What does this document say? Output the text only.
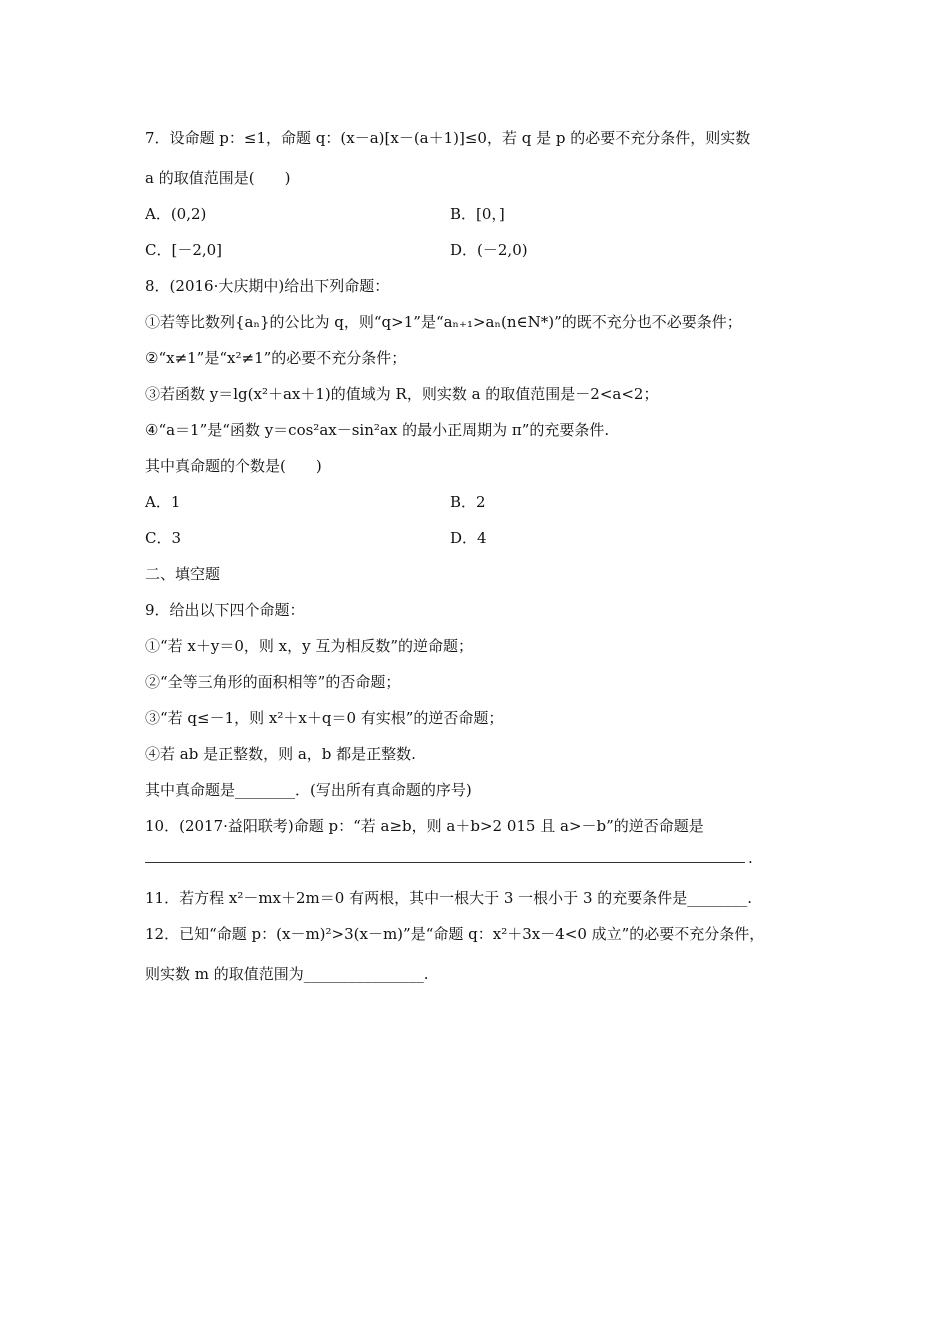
7．设命题 p：≤1，命题 q：(x－a)[x－(a＋1)]≤0，若 q 是 p 的必要不充分条件，则实数
a 的取值范围是(　　)
A．(0,2)	B．[0，]
C．[－2,0]	D．(－2,0)
8．(2016·大庆期中)给出下列命题：
①若等比数列{aₙ}的公比为 q，则“q>1”是“aₙ₊₁>aₙ(n∈N*)”的既不充分也不必要条件；
②“x≠1”是“x²≠1”的必要不充分条件；
③若函数 y＝lg(x²＋ax＋1)的值域为 R，则实数 a 的取值范围是－2<a<2；
④“a＝1”是“函数 y＝cos²ax－sin²ax 的最小正周期为 π”的充要条件.
其中真命题的个数是(　　)
A．1	B．2
C．3	D．4
二、填空题
9．给出以下四个命题：
①“若 x＋y＝0，则 x，y 互为相反数”的逆命题；
②“全等三角形的面积相等”的否命题；
③“若 q≤－1，则 x²＋x＋q＝0 有实根”的逆否命题；
④若 ab 是正整数，则 a，b 都是正整数.
其中真命题是________．(写出所有真命题的序号)
10．(2017·益阳联考)命题 p：“若 a≥b，则 a＋b>2 015 且 a>－b”的逆否命题是
.
11．若方程 x²－mx＋2m＝0 有两根，其中一根大于 3 一根小于 3 的充要条件是________.
12．已知“命题 p：(x－m)²>3(x－m)”是“命题 q：x²＋3x－4<0 成立”的必要不充分条件，
则实数 m 的取值范围为________________.
